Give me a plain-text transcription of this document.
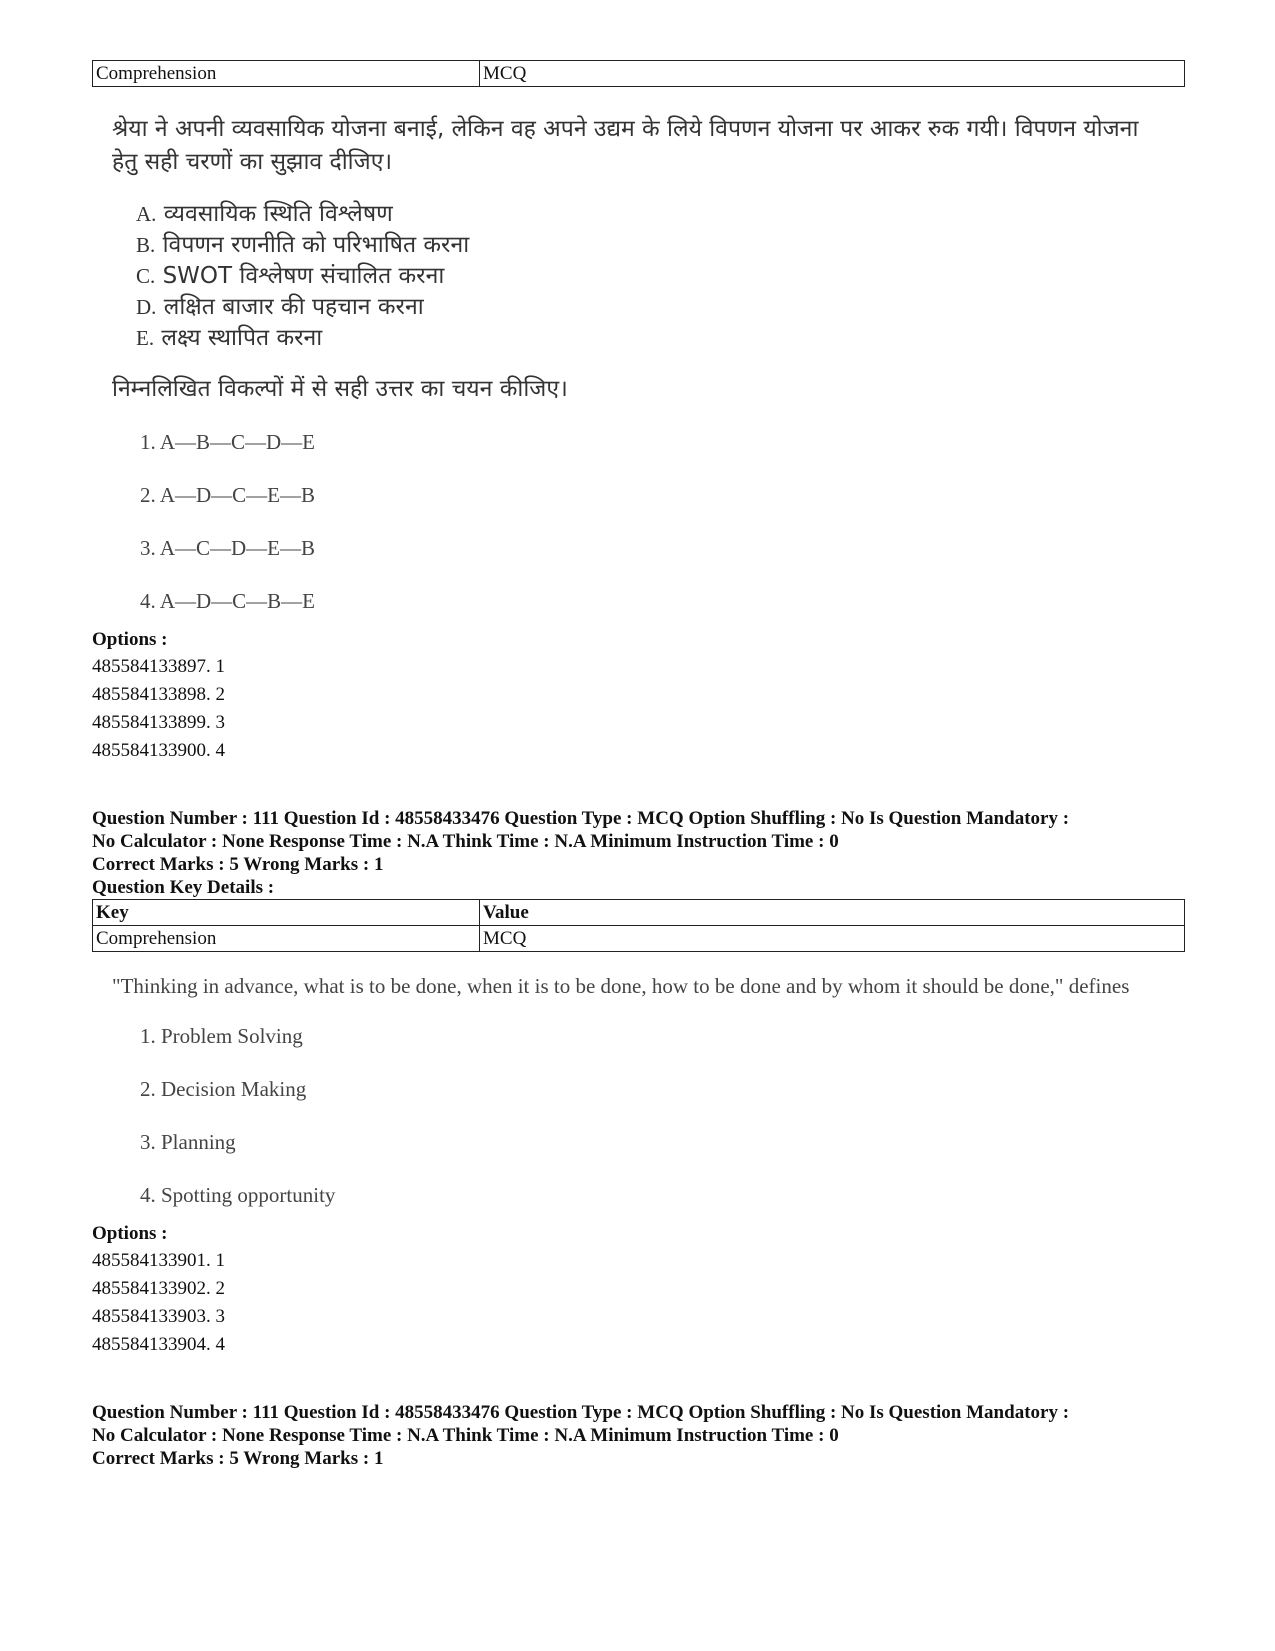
Comprehension	MCQ
श्रेया ने अपनी व्यवसायिक योजना बनाई, लेकिन वह अपने उद्यम के लिये विपणन योजना पर आकर रुक गयी। विपणन योजना हेतु सही चरणों का सुझाव दीजिए।
A. व्यवसायिक स्थिति विश्लेषण
B. विपणन रणनीति को परिभाषित करना
C. SWOT विश्लेषण संचालित करना
D. लक्षित बाजार की पहचान करना
E. लक्ष्य स्थापित करना
निम्नलिखित विकल्पों में से सही उत्तर का चयन कीजिए।
1. A—B—C—D—E
2. A—D—C—E—B
3. A—C—D—E—B
4. A—D—C—B—E
Options :
485584133897. 1
485584133898. 2
485584133899. 3
485584133900. 4

Question Number : 111 Question Id : 48558433476 Question Type : MCQ Option Shuffling : No Is Question Mandatory :

No Calculator : None Response Time : N.A Think Time : N.A Minimum Instruction Time : 0

Correct Marks : 5 Wrong Marks : 1

Question Key Details :

Key	Value
Comprehension	MCQ
"Thinking in advance, what is to be done, when it is to be done, how to be done and by whom it should be done," defines
1. Problem Solving
2. Decision Making
3. Planning
4. Spotting opportunity
Options :
485584133901. 1
485584133902. 2
485584133903. 3
485584133904. 4

Question Number : 111 Question Id : 48558433476 Question Type : MCQ Option Shuffling : No Is Question Mandatory :

No Calculator : None Response Time : N.A Think Time : N.A Minimum Instruction Time : 0

Correct Marks : 5 Wrong Marks : 1
